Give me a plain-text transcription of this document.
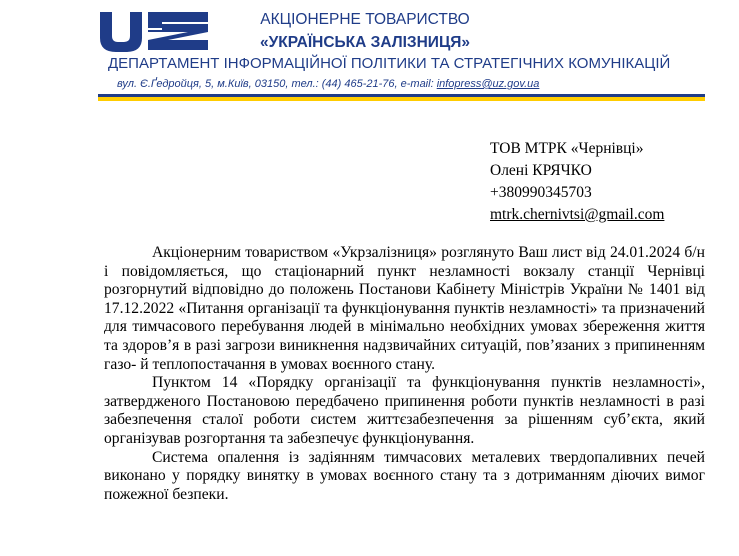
АКЦІОНЕРНЕ ТОВАРИСТВО
«УКРАЇНСЬКА ЗАЛІЗНИЦЯ»
ДЕПАРТАМЕНТ ІНФОРМАЦІЙНОЇ ПОЛІТИКИ ТА СТРАТЕГІЧНИХ КОМУНІКАЦІЙ
вул. Є.Ґедройця, 5, м.Київ, 03150, тел.: (44) 465-21-76, e-mail: infopress@uz.gov.ua
ТОВ МТРК «Чернівці»
Олені КРЯЧКО
+380990345703
mtrk.chernivtsi@gmail.com

Акціонерним товариством «Укрзалізниця» розглянуто Ваш лист від 24.01.2024 б/н і повідомляється, що стаціонарний пункт незламності вокзалу станції Чернівці розгорнутий відповідно до положень Постанови Кабінету Міністрів України № 1401 від 17.12.2022 «Питання організації та функціонування пунктів незламності» та призначений для тимчасового перебування людей в мінімально необхідних умовах збереження життя та здоров’я в разі загрози виникнення надзвичайних ситуацій, пов’язаних з припиненням газо- й теплопостачання в умовах воєнного стану.

Пунктом 14 «Порядку організації та функціонування пунктів незламності», затвердженого Постановою передбачено припинення роботи пунктів незламності в разі забезпечення сталої роботи систем життєзабезпечення за рішенням суб’єкта, який організував розгортання та забезпечує функціонування.

Система опалення із задіянням тимчасових металевих твердопаливних печей виконано у порядку винятку в умовах воєнного стану та з дотриманням діючих вимог пожежної безпеки.
